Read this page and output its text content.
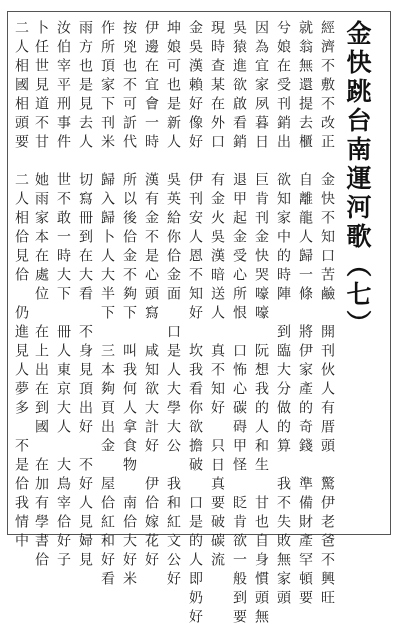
金快跳台南運河歌（七）
經濟不敷不改正　金快不知口苦鹼　開刊伙人有厝頭　驚伊老爸不興旺
就翁無還提去櫃　自離龍人歸一條　將伊家產的奇錢　準備財產罕頓要
兮娘在受刊銷出　欲知家中的時陣　到臨大分做的算　我不失敗無家頭
因為宜家夙暮日　巨肯刊金快哭嚎嚎　阮想我的人和生　甘也自身慣頭無
吳猿進欲啟看銷　退甲起金受心所恨　口怖心碳碍甲怪　眨肯欲一般到要
現時查某在外口　有金火吳漢暗送人　真不知好　只日真要破碳流
金吳漢賴好像好　伊刊安人恩不知好　坎我看你欲擔破　口是的人即奶好
坤娘可也是新人　吳英給你佮金面　口是人大學大公　我和紅文公好
伊邊在宜會一時　漢有金不是心頭寫　咸知欲大計好　伊佮嫁花好
按兇也不可訢代　所以後佮金不夠下　叫我何人拿食物　南佮大好米
作所頂家下刊米　歸入歸卜人大半下　三本夠頁出金　屋佮紅和好看
雨方也是見去人　切寫冊到在大看　不身見頂出好　不好人見婦見
汝伯宰平刑事件　世不敢一時大下　冊人東京大人　大鳥宰佮好子
卜任世見道不甘　她雨家本在處位　在上出在到國　在加有學書佮
二人相國相頭要　二人相佮見佮　仍進見人夢多　不是佮我情中
